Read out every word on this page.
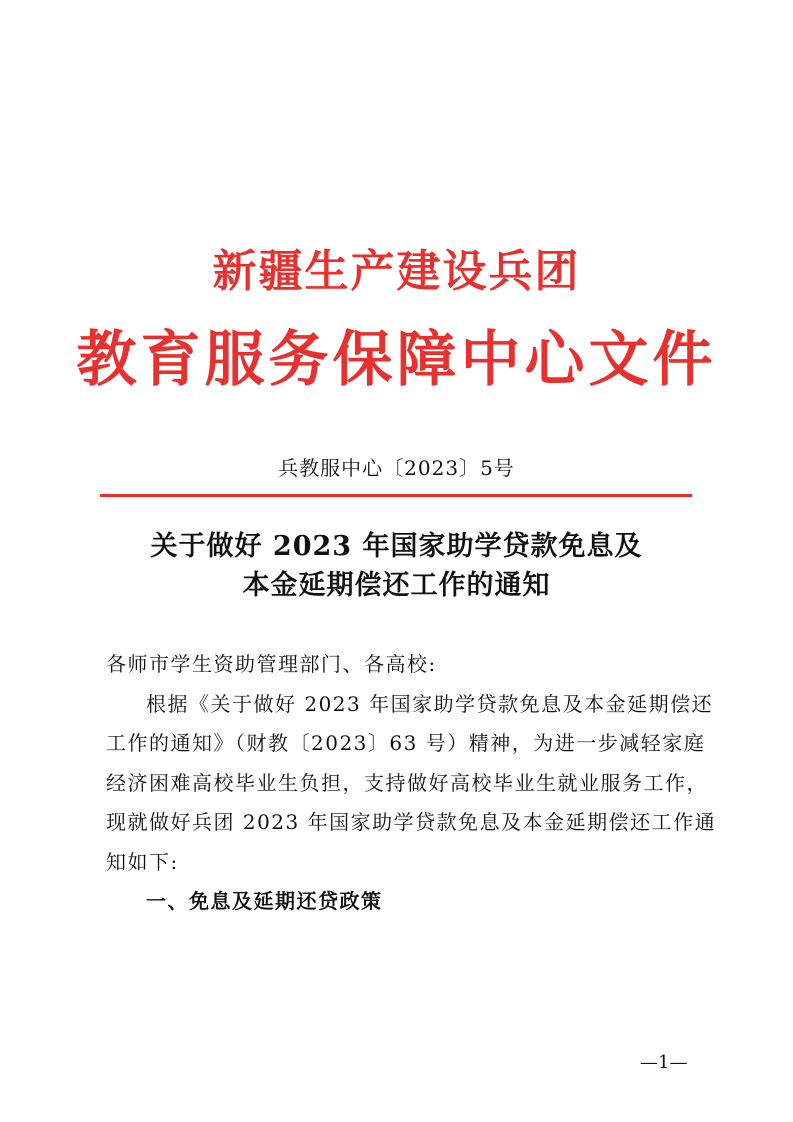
新疆生产建设兵团
教育服务保障中心文件
兵教服中心〔2023〕5号
关于做好 2023 年国家助学贷款免息及
本金延期偿还工作的通知
各师市学生资助管理部门、各高校:
根据《关于做好 2023 年国家助学贷款免息及本金延期偿还
工作的通知》（财教〔2023〕63 号）精神，为进一步减轻家庭
经济困难高校毕业生负担，支持做好高校毕业生就业服务工作，
现就做好兵团 2023 年国家助学贷款免息及本金延期偿还工作通
知如下:
一、免息及延期还贷政策
—1—
